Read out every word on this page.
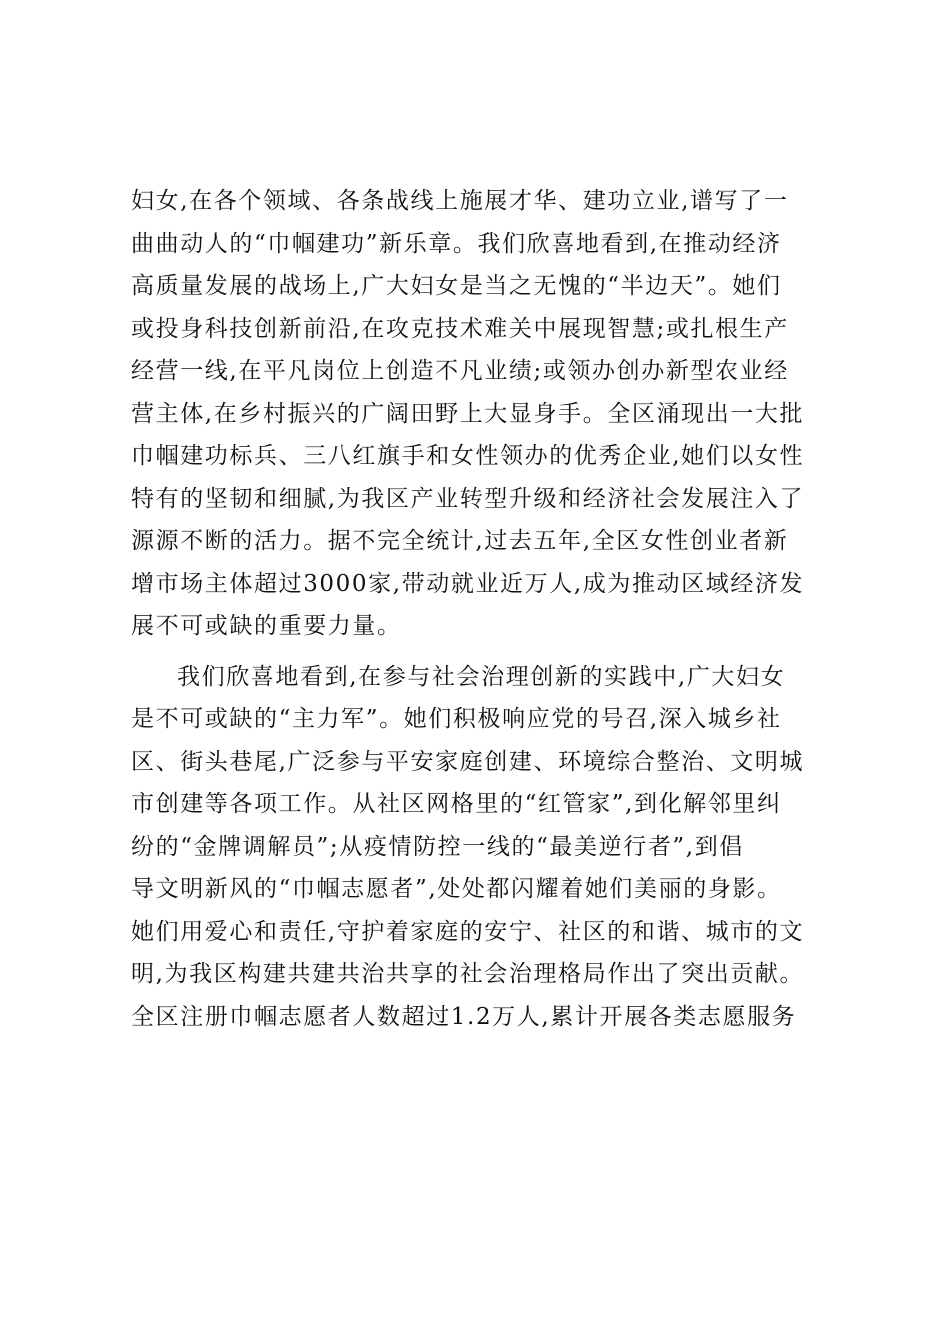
妇女,在各个领域、各条战线上施展才华、建功立业,谱写了一
曲曲动人的“巾帼建功”新乐章。我们欣喜地看到,在推动经济
高质量发展的战场上,广大妇女是当之无愧的“半边天”。她们
或投身科技创新前沿,在攻克技术难关中展现智慧;或扎根生产
经营一线,在平凡岗位上创造不凡业绩;或领办创办新型农业经
营主体,在乡村振兴的广阔田野上大显身手。全区涌现出一大批
巾帼建功标兵、三八红旗手和女性领办的优秀企业,她们以女性
特有的坚韧和细腻,为我区产业转型升级和经济社会发展注入了
源源不断的活力。据不完全统计,过去五年,全区女性创业者新
增市场主体超过3000家,带动就业近万人,成为推动区域经济发
展不可或缺的重要力量。
我们欣喜地看到,在参与社会治理创新的实践中,广大妇女
是不可或缺的“主力军”。她们积极响应党的号召,深入城乡社
区、街头巷尾,广泛参与平安家庭创建、环境综合整治、文明城
市创建等各项工作。从社区网格里的“红管家”,到化解邻里纠
纷的“金牌调解员”;从疫情防控一线的“最美逆行者”,到倡
导文明新风的“巾帼志愿者”,处处都闪耀着她们美丽的身影。
她们用爱心和责任,守护着家庭的安宁、社区的和谐、城市的文
明,为我区构建共建共治共享的社会治理格局作出了突出贡献。
全区注册巾帼志愿者人数超过1.2万人,累计开展各类志愿服务
